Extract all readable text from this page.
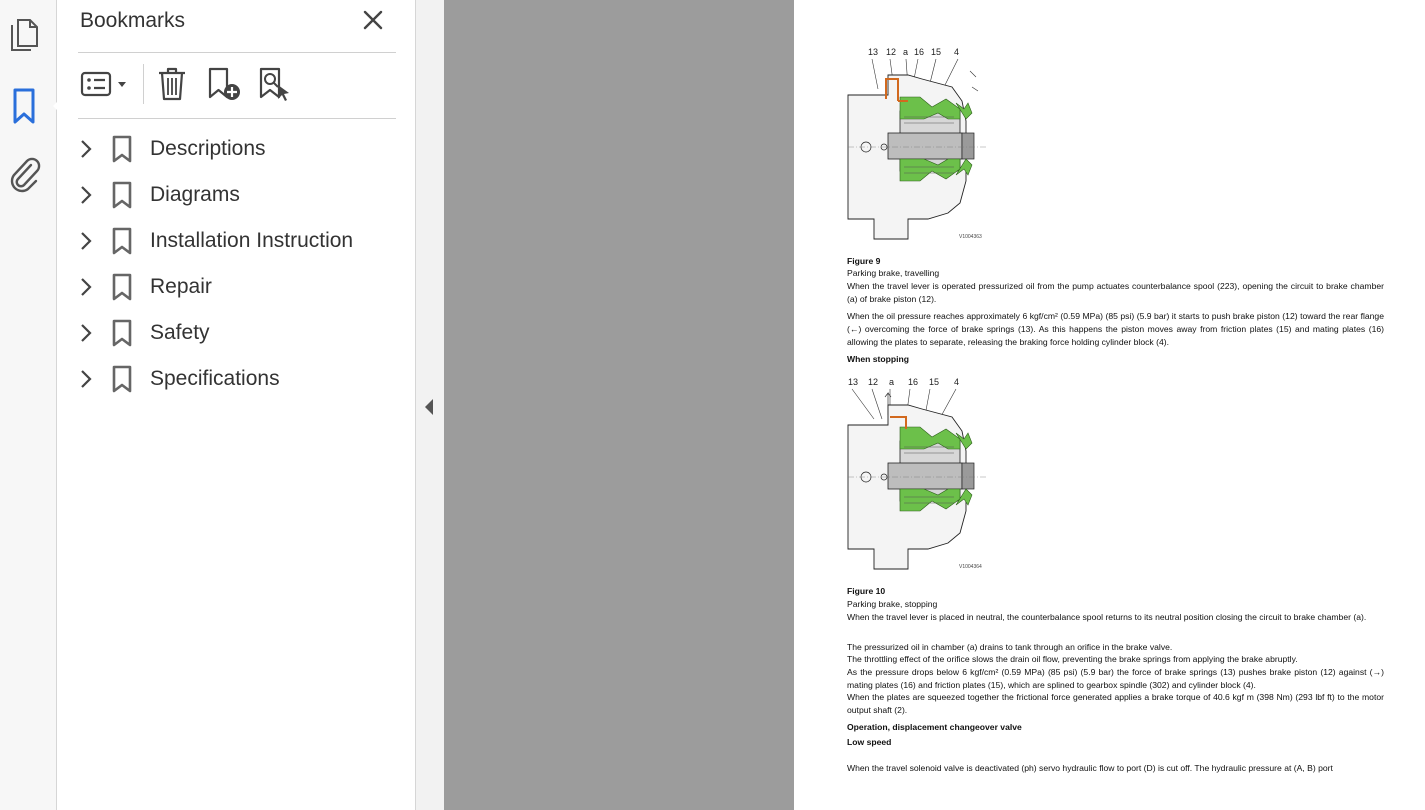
Bookmarks
Descriptions
Diagrams
Installation Instruction
Repair
Safety
Specifications
13 12 a 16 15 4
V1004363
Figure 9
Parking brake, travelling
When the travel lever is operated pressurized oil from the pump actuates counterbalance spool (223), opening the circuit to brake chamber (a) of brake piston (12).
When the oil pressure reaches approximately 6 kgf/cm² (0.59 MPa) (85 psi) (5.9 bar) it starts to push brake piston (12) toward the rear flange (←) overcoming the force of brake springs (13). As this happens the piston moves away from friction plates (15) and mating plates (16) allowing the plates to separate, releasing the braking force holding cylinder block (4).
When stopping
13 12 a 16 15 4
V1004364
Figure 10
Parking brake, stopping
When the travel lever is placed in neutral, the counterbalance spool returns to its neutral position closing the circuit to brake chamber (a).
The pressurized oil in chamber (a) drains to tank through an orifice in the brake valve.
The throttling effect of the orifice slows the drain oil flow, preventing the brake springs from applying the brake abruptly.
As the pressure drops below 6 kgf/cm² (0.59 MPa) (85 psi) (5.9 bar) the force of brake springs (13) pushes brake piston (12) against (→) mating plates (16) and friction plates (15), which are splined to gearbox spindle (302) and cylinder block (4).
When the plates are squeezed together the frictional force generated applies a brake torque of 40.6 kgf m (398 Nm) (293 lbf ft) to the motor output shaft (2).
Operation, displacement changeover valve
Low speed
When the travel solenoid valve is deactivated (ph) servo hydraulic flow to port (D) is cut off. The hydraulic pressure at (A, B) port
